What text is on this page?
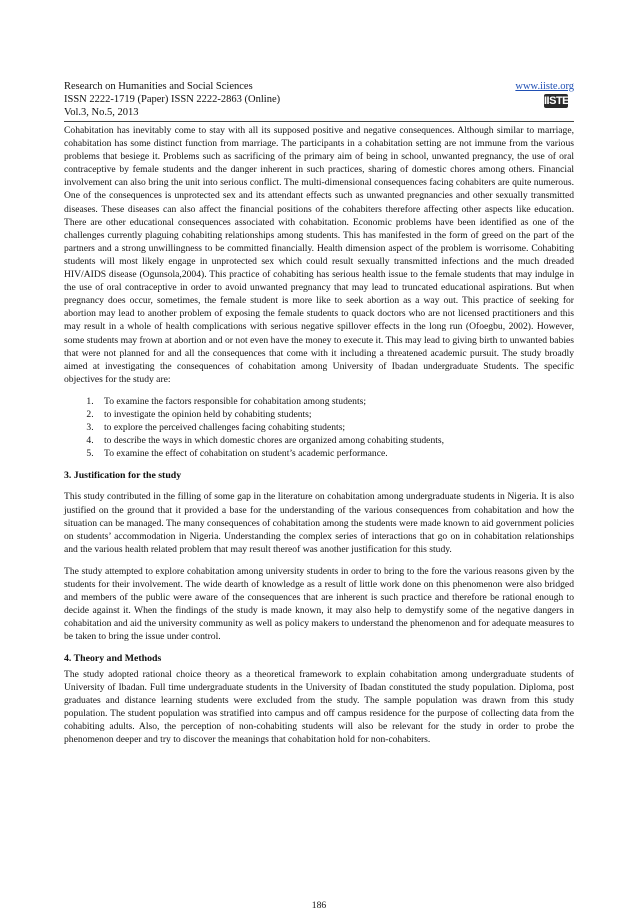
Research on Humanities and Social Sciences
ISSN 2222-1719 (Paper) ISSN 2222-2863 (Online)
Vol.3, No.5, 2013
www.iiste.org
IISTE

Cohabitation has inevitably come to stay with all its supposed positive and negative consequences. Although similar to marriage, cohabitation has some distinct function from marriage. The participants in a cohabitation setting are not immune from the various problems that besiege it. Problems such as sacrificing of the primary aim of being in school, unwanted pregnancy, the use of oral contraceptive by female students and the danger inherent in such practices, sharing of domestic chores among others. Financial involvement can also bring the unit into serious conflict. The multi-dimensional consequences facing cohabiters are quite numerous. One of the consequences is unprotected sex and its attendant effects such as unwanted pregnancies and other sexually transmitted diseases. These diseases can also affect the financial positions of the cohabiters therefore affecting other aspects like education. There are other educational consequences associated with cohabitation. Economic problems have been identified as one of the challenges currently plaguing cohabiting relationships among students. This has manifested in the form of greed on the part of the partners and a strong unwillingness to be committed financially. Health dimension aspect of the problem is worrisome. Cohabiting students will most likely engage in unprotected sex which could result sexually transmitted infections and the much dreaded HIV/AIDS disease (Ogunsola,2004). This practice of cohabiting has serious health issue to the female students that may indulge in the use of oral contraceptive in order to avoid unwanted pregnancy that may lead to truncated educational aspirations. But when pregnancy does occur, sometimes, the female student is more like to seek abortion as a way out. This practice of seeking for abortion may lead to another problem of exposing the female students to quack doctors who are not licensed practitioners and this may result in a whole of health complications with serious negative spillover effects in the long run (Ofoegbu, 2002). However, some students may frown at abortion and or not even have the money to execute it. This may lead to giving birth to unwanted babies that were not planned for and all the consequences that come with it including a threatened academic pursuit. The study broadly aimed at investigating the consequences of cohabitation among University of Ibadan undergraduate Students. The specific objectives for the study are:

1. To examine the factors responsible for cohabitation among students;
2. to investigate the opinion held by cohabiting students;
3. to explore the perceived challenges facing cohabiting students;
4. to describe the ways in which domestic chores are organized among cohabiting students,
5. To examine the effect of cohabitation on student’s academic performance.
3. Justification for the study

This study contributed in the filling of some gap in the literature on cohabitation among undergraduate students in Nigeria. It is also justified on the ground that it provided a base for the understanding of the various consequences from cohabitation and how the situation can be managed. The many consequences of cohabitation among the students were made known to aid government policies on students’ accommodation in Nigeria. Understanding the complex series of interactions that go on in cohabitation relationships and the various health related problem that may result thereof was another justification for this study.

The study attempted to explore cohabitation among university students in order to bring to the fore the various reasons given by the students for their involvement. The wide dearth of knowledge as a result of little work done on this phenomenon were also bridged and members of the public were aware of the consequences that are inherent is such practice and therefore be rational enough to decide against it. When the findings of the study is made known, it may also help to demystify some of the negative dangers in cohabitation and aid the university community as well as policy makers to understand the phenomenon and for adequate measures to be taken to bring the issue under control.

4. Theory and Methods

The study adopted rational choice theory as a theoretical framework to explain cohabitation among undergraduate students of University of Ibadan. Full time undergraduate students in the University of Ibadan constituted the study population. Diploma, post graduates and distance learning students were excluded from the study. The sample population was drawn from this study population. The student population was stratified into campus and off campus residence for the purpose of collecting data from the cohabiting adults. Also, the perception of non-cohabiting students will also be relevant for the study in order to probe the phenomenon deeper and try to discover the meanings that cohabitation hold for non-cohabiters.

186
